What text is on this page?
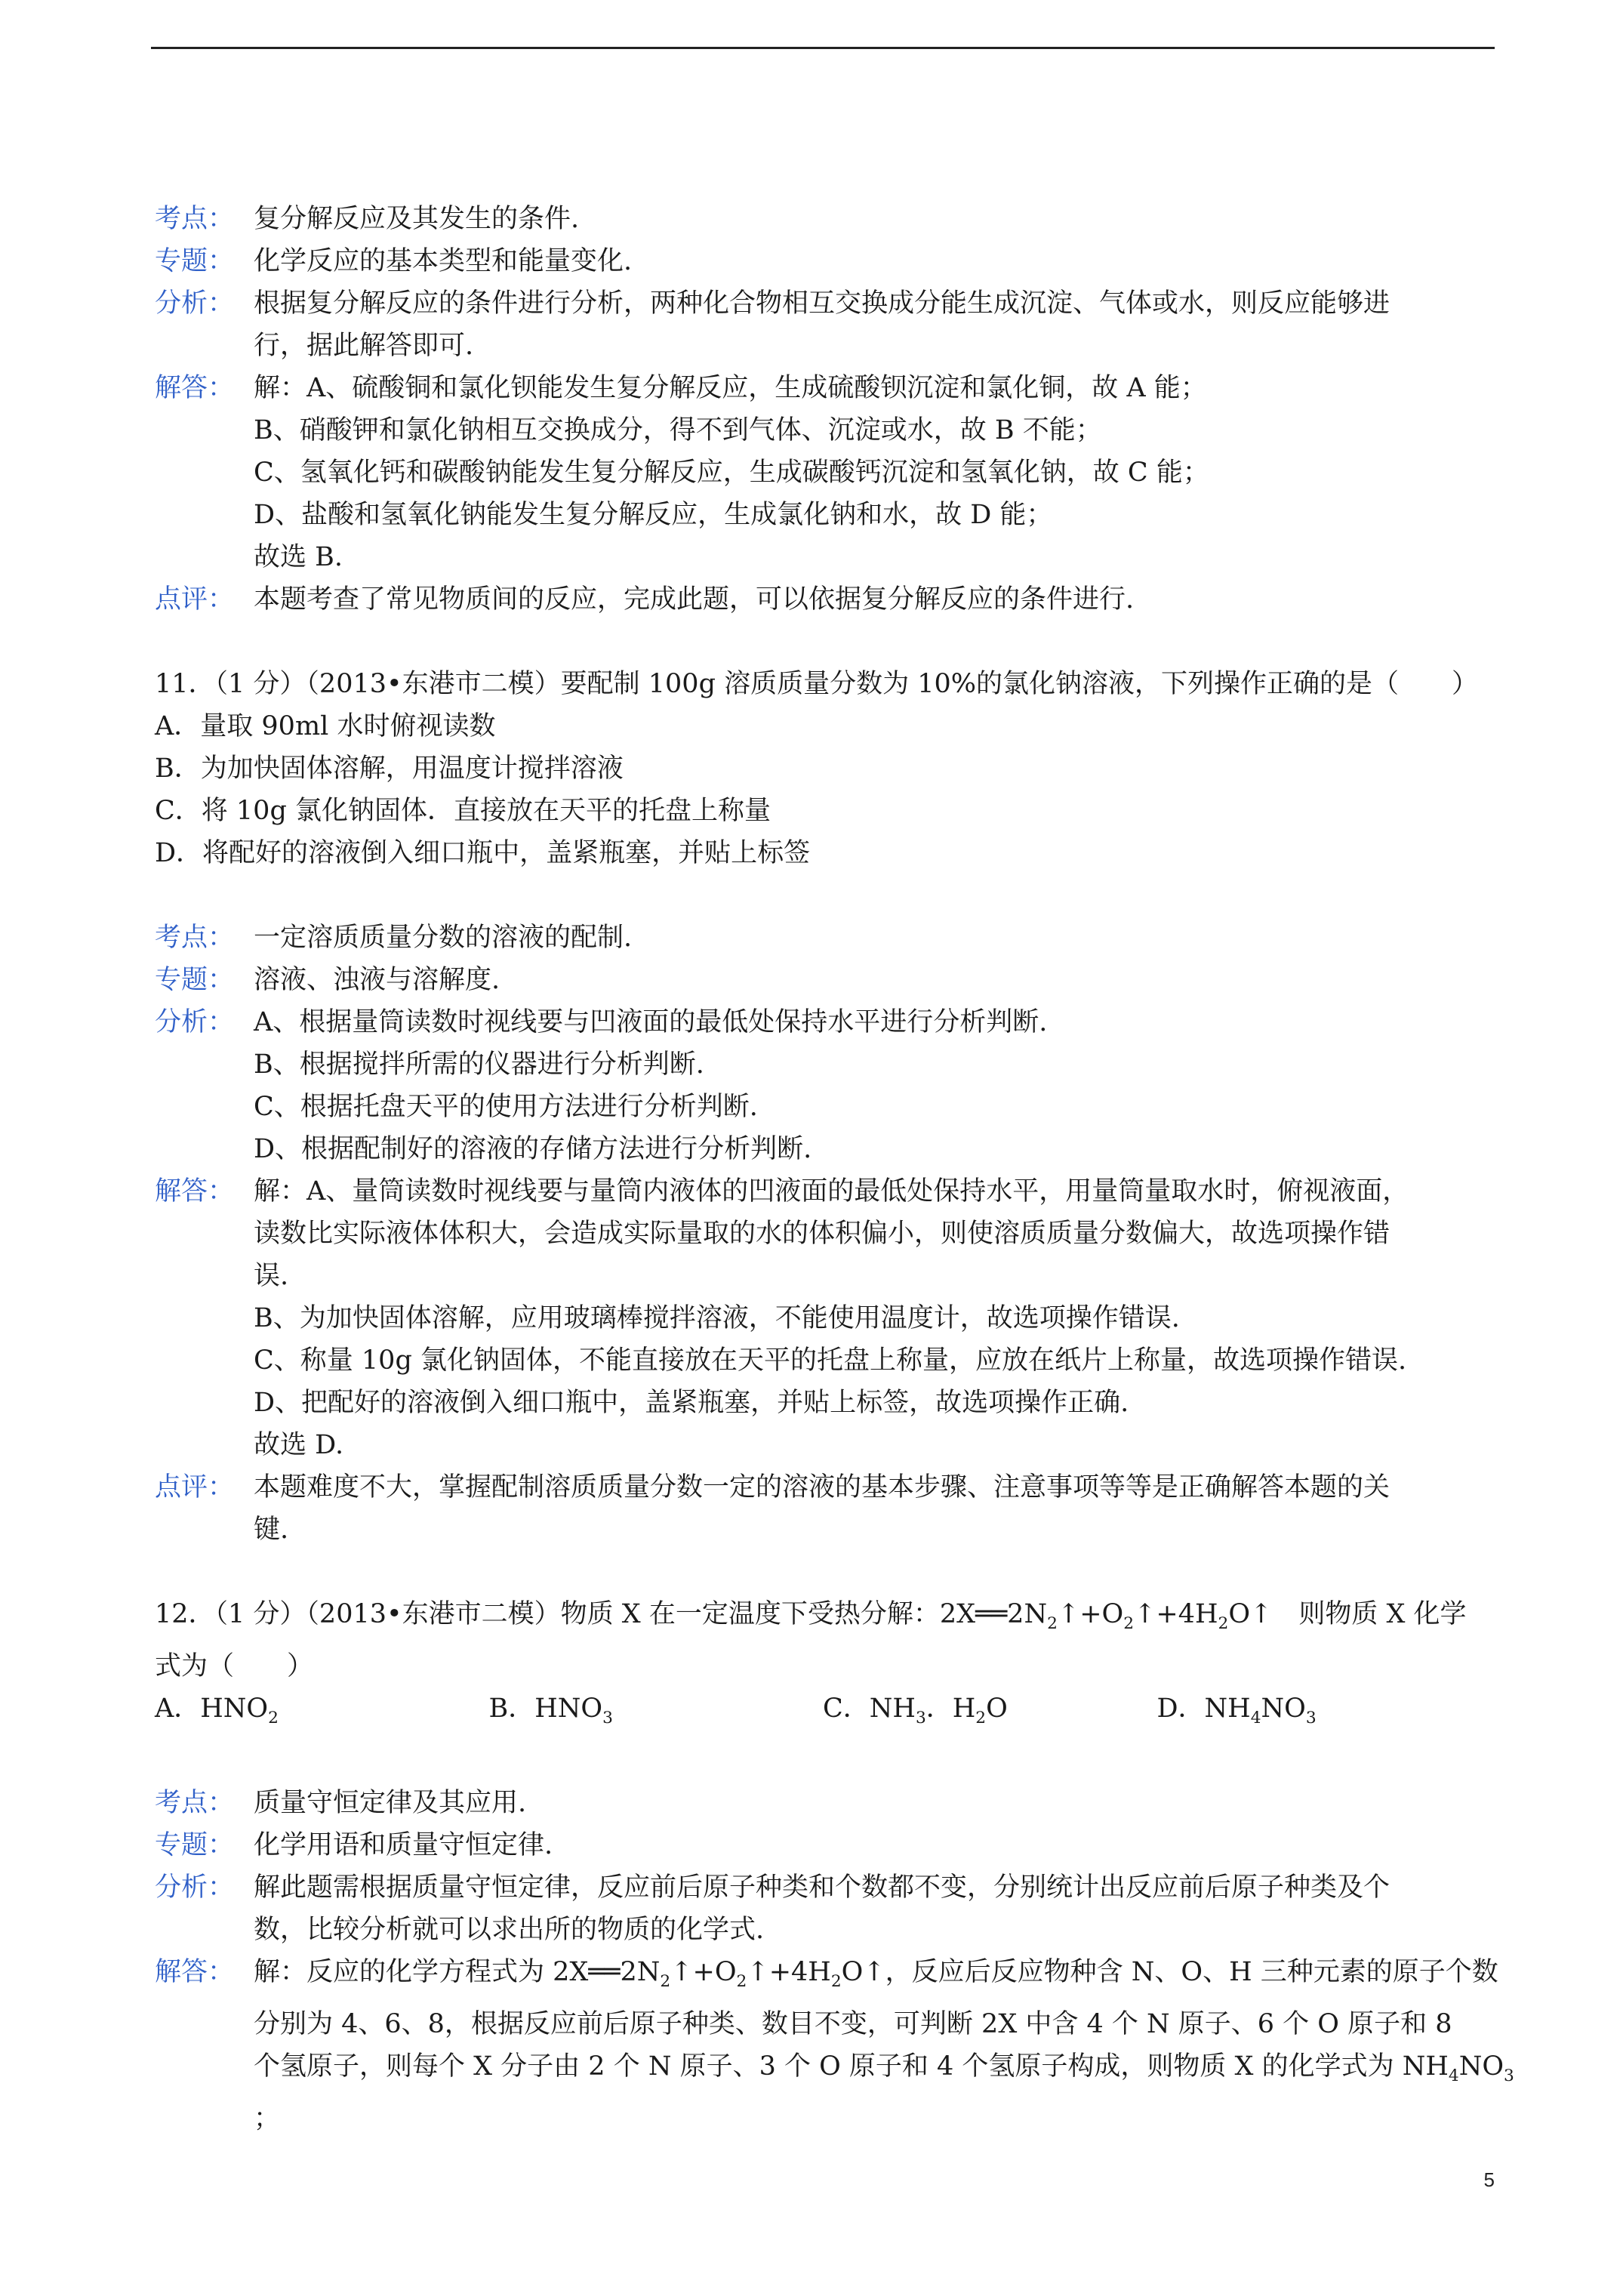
考点： 复分解反应及其发生的条件.
专题： 化学反应的基本类型和能量变化.
分析： 根据复分解反应的条件进行分析，两种化合物相互交换成分能生成沉淀、气体或水，则反应能够进
行，据此解答即可.
解答： 解：A、硫酸铜和氯化钡能发生复分解反应，生成硫酸钡沉淀和氯化铜，故 A 能；
B、硝酸钾和氯化钠相互交换成分，得不到气体、沉淀或水，故 B 不能；
C、氢氧化钙和碳酸钠能发生复分解反应，生成碳酸钙沉淀和氢氧化钠，故 C 能；
D、盐酸和氢氧化钠能发生复分解反应，生成氯化钠和水，故 D 能；
故选 B.
点评： 本题考查了常见物质间的反应，完成此题，可以依据复分解反应的条件进行.
11．（1 分）（2013•东港市二模）要配制 100g 溶质质量分数为 10%的氯化钠溶液，下列操作正确的是（　　）
A．量取 90ml 水时俯视读数
B．为加快固体溶解，用温度计搅拌溶液
C．将 10g 氯化钠固体．直接放在天平的托盘上称量
D．将配好的溶液倒入细口瓶中，盖紧瓶塞，并贴上标签
考点： 一定溶质质量分数的溶液的配制.
专题： 溶液、浊液与溶解度.
分析： A、根据量筒读数时视线要与凹液面的最低处保持水平进行分析判断.
B、根据搅拌所需的仪器进行分析判断.
C、根据托盘天平的使用方法进行分析判断.
D、根据配制好的溶液的存储方法进行分析判断.
解答： 解：A、量筒读数时视线要与量筒内液体的凹液面的最低处保持水平，用量筒量取水时，俯视液面，
读数比实际液体体积大，会造成实际量取的水的体积偏小，则使溶质质量分数偏大，故选项操作错
误.
B、为加快固体溶解，应用玻璃棒搅拌溶液，不能使用温度计，故选项操作错误.
C、称量 10g 氯化钠固体，不能直接放在天平的托盘上称量，应放在纸片上称量，故选项操作错误.
D、把配好的溶液倒入细口瓶中，盖紧瓶塞，并贴上标签，故选项操作正确.
故选 D.
点评： 本题难度不大，掌握配制溶质质量分数一定的溶液的基本步骤、注意事项等等是正确解答本题的关
键.
12．（1 分）（2013•东港市二模）物质 X 在一定温度下受热分解：$2X══2N_2↑+O_2↑+4H_2O↑$　则物质 X 化学
式为（　　）
A．$HNO_2$	B．$HNO_3$	C．$NH_3$．$H_2O$	D．$NH_4NO_3$
考点： 质量守恒定律及其应用.
专题： 化学用语和质量守恒定律.
分析： 解此题需根据质量守恒定律，反应前后原子种类和个数都不变，分别统计出反应前后原子种类及个
数，比较分析就可以求出所的物质的化学式.
解答： 解：反应的化学方程式为 $2X══2N_2↑+O_2↑+4H_2O↑$，反应后反应物种含 N、O、H 三种元素的原子个数
分别为 4、6、8，根据反应前后原子种类、数目不变，可判断 2X 中含 4 个 N 原子、6 个 O 原子和 8
个氢原子，则每个 X 分子由 2 个 N 原子、3 个 O 原子和 4 个氢原子构成，则物质 X 的化学式为 $NH_4NO_3$
；
5
